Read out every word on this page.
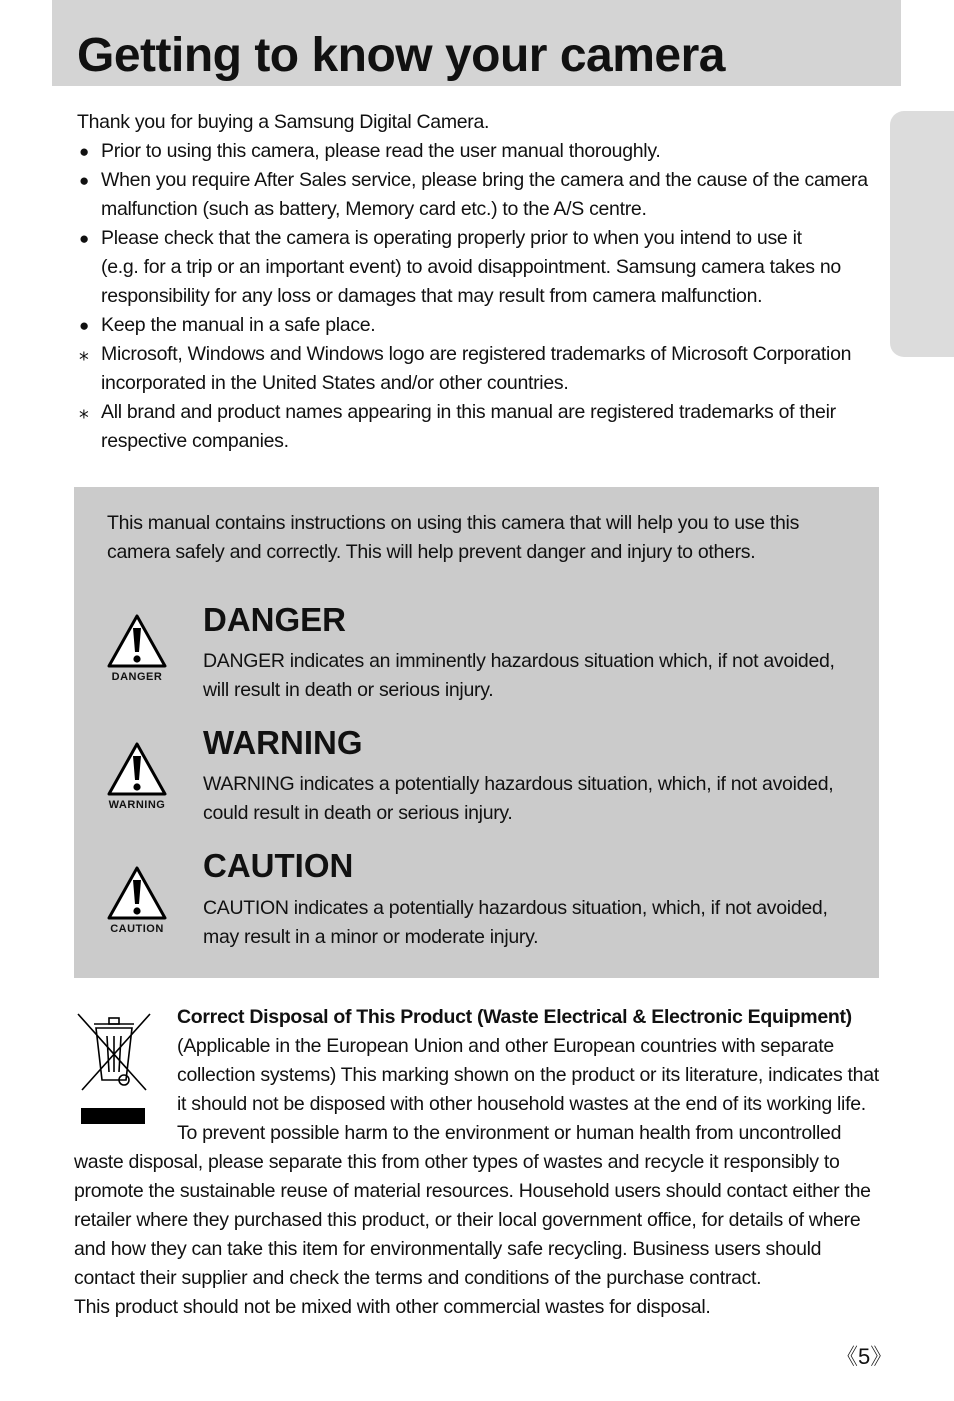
Getting to know your camera

Thank you for buying a Samsung Digital Camera.

● Prior to using this camera, please read the user manual thoroughly.

● When you require After Sales service, please bring the camera and the cause of the camera

malfunction (such as battery, Memory card etc.) to the A/S centre.

● Please check that the camera is operating properly prior to when you intend to use it

(e.g. for a trip or an important event) to avoid disappointment. Samsung camera takes no

responsibility for any loss or damages that may result from camera malfunction.

● Keep the manual in a safe place.

⁎ Microsoft, Windows and Windows logo are registered trademarks of Microsoft Corporation

incorporated in the United States and/or other countries.

⁎ All brand and product names appearing in this manual are registered trademarks of their

respective companies.

This manual contains instructions on using this camera that will help you to use this
camera safely and correctly. This will help prevent danger and injury to others.

DANGER
DANGER

DANGER indicates an imminently hazardous situation which, if not avoided,
will result in death or serious injury.

WARNING
WARNING

WARNING indicates a potentially hazardous situation, which, if not avoided,
could result in death or serious injury.

CAUTION
CAUTION

CAUTION indicates a potentially hazardous situation, which, if not avoided,
may result in a minor or moderate injury.

Correct Disposal of This Product (Waste Electrical & Electronic Equipment)

(Applicable in the European Union and other European countries with separate

collection systems) This marking shown on the product or its literature, indicates that

it should not be disposed with other household wastes at the end of its working life.

To prevent possible harm to the environment or human health from uncontrolled

waste disposal, please separate this from other types of wastes and recycle it responsibly to

promote the sustainable reuse of material resources. Household users should contact either the

retailer where they purchased this product, or their local government office, for details of where

and how they can take this item for environmentally safe recycling. Business users should

contact their supplier and check the terms and conditions of the purchase contract.

This product should not be mixed with other commercial wastes for disposal.

《5》
